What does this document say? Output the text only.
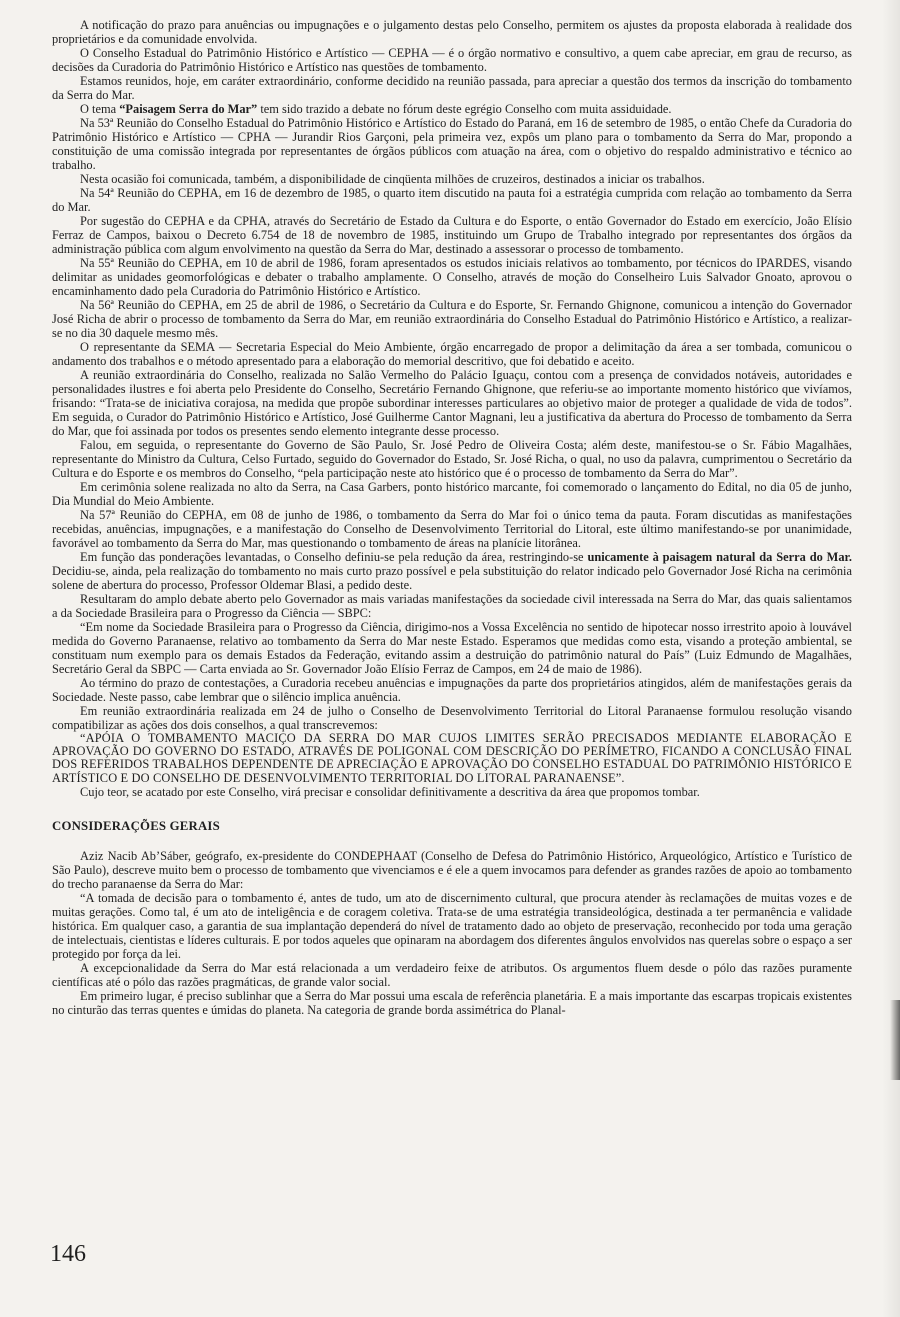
A notificação do prazo para anuências ou impugnações e o julgamento destas pelo Conselho, permitem os ajustes da proposta elaborada à realidade dos proprietários e da comunidade envolvida.

O Conselho Estadual do Patrimônio Histórico e Artístico — CEPHA — é o órgão normativo e consultivo, a quem cabe apreciar, em grau de recurso, as decisões da Curadoria do Patrimônio Histórico e Artístico nas questões de tombamento.

Estamos reunidos, hoje, em caráter extraordinário, conforme decidido na reunião passada, para apreciar a questão dos termos da inscrição do tombamento da Serra do Mar.

O tema “Paisagem Serra do Mar” tem sido trazido a debate no fórum deste egrégio Conselho com muita assiduidade.

Na 53ª Reunião do Conselho Estadual do Patrimônio Histórico e Artístico do Estado do Paraná, em 16 de setembro de 1985, o então Chefe da Curadoria do Patrimônio Histórico e Artístico — CPHA — Jurandir Rios Garçoni, pela primeira vez, expôs um plano para o tombamento da Serra do Mar, propondo a constituição de uma comissão integrada por representantes de órgãos públicos com atuação na área, com o objetivo do respaldo administrativo e técnico ao trabalho.

Nesta ocasião foi comunicada, também, a disponibilidade de cinqüenta milhões de cruzeiros, destinados a iniciar os trabalhos.

Na 54ª Reunião do CEPHA, em 16 de dezembro de 1985, o quarto item discutido na pauta foi a estratégia cumprida com relação ao tombamento da Serra do Mar.

Por sugestão do CEPHA e da CPHA, através do Secretário de Estado da Cultura e do Esporte, o então Governador do Estado em exercício, João Elísio Ferraz de Campos, baixou o Decreto 6.754 de 18 de novembro de 1985, instituindo um Grupo de Trabalho integrado por representantes dos órgãos da administração pública com algum envolvimento na questão da Serra do Mar, destinado a assessorar o processo de tombamento.

Na 55ª Reunião do CEPHA, em 10 de abril de 1986, foram apresentados os estudos iniciais relativos ao tombamento, por técnicos do IPARDES, visando delimitar as unidades geomorfológicas e debater o trabalho amplamente. O Conselho, através de moção do Conselheiro Luis Salvador Gnoato, aprovou o encaminhamento dado pela Curadoria do Patrimônio Histórico e Artístico.

Na 56ª Reunião do CEPHA, em 25 de abril de 1986, o Secretário da Cultura e do Esporte, Sr. Fernando Ghignone, comunicou a intenção do Governador José Richa de abrir o processo de tombamento da Serra do Mar, em reunião extraordinária do Conselho Estadual do Patrimônio Histórico e Artístico, a realizar-se no dia 30 daquele mesmo mês.

O representante da SEMA — Secretaria Especial do Meio Ambiente, órgão encarregado de propor a delimitação da área a ser tombada, comunicou o andamento dos trabalhos e o método apresentado para a elaboração do memorial descritivo, que foi debatido e aceito.

A reunião extraordinária do Conselho, realizada no Salão Vermelho do Palácio Iguaçu, contou com a presença de convidados notáveis, autoridades e personalidades ilustres e foi aberta pelo Presidente do Conselho, Secretário Fernando Ghignone, que referiu-se ao importante momento histórico que vivíamos, frisando: “Trata-se de iniciativa corajosa, na medida que propõe subordinar interesses particulares ao objetivo maior de proteger a qualidade de vida de todos”. Em seguida, o Curador do Patrimônio Histórico e Artístico, José Guilherme Cantor Magnani, leu a justificativa da abertura do Processo de tombamento da Serra do Mar, que foi assinada por todos os presentes sendo elemento integrante desse processo.

Falou, em seguida, o representante do Governo de São Paulo, Sr. José Pedro de Oliveira Costa; além deste, manifestou-se o Sr. Fábio Magalhães, representante do Ministro da Cultura, Celso Furtado, seguido do Governador do Estado, Sr. José Richa, o qual, no uso da palavra, cumprimentou o Secretário da Cultura e do Esporte e os membros do Conselho, “pela participação neste ato histórico que é o processo de tombamento da Serra do Mar”.

Em cerimônia solene realizada no alto da Serra, na Casa Garbers, ponto histórico marcante, foi comemorado o lançamento do Edital, no dia 05 de junho, Dia Mundial do Meio Ambiente.

Na 57ª Reunião do CEPHA, em 08 de junho de 1986, o tombamento da Serra do Mar foi o único tema da pauta. Foram discutidas as manifestações recebidas, anuências, impugnações, e a manifestação do Conselho de Desenvolvimento Territorial do Litoral, este último manifestando-se por unanimidade, favorável ao tombamento da Serra do Mar, mas questionando o tombamento de áreas na planície litorânea.

Em função das ponderações levantadas, o Conselho definiu-se pela redução da área, restringindo-se unicamente à paisagem natural da Serra do Mar. Decidiu-se, ainda, pela realização do tombamento no mais curto prazo possível e pela substituição do relator indicado pelo Governador José Richa na cerimônia solene de abertura do processo, Professor Oldemar Blasi, a pedido deste.

Resultaram do amplo debate aberto pelo Governador as mais variadas manifestações da sociedade civil interessada na Serra do Mar, das quais salientamos a da Sociedade Brasileira para o Progresso da Ciência — SBPC:

“Em nome da Sociedade Brasileira para o Progresso da Ciência, dirigimo-nos a Vossa Excelência no sentido de hipotecar nosso irrestrito apoio à louvável medida do Governo Paranaense, relativo ao tombamento da Serra do Mar neste Estado. Esperamos que medidas como esta, visando a proteção ambiental, se constituam num exemplo para os demais Estados da Federação, evitando assim a destruição do patrimônio natural do País” (Luiz Edmundo de Magalhães, Secretário Geral da SBPC — Carta enviada ao Sr. Governador João Elísio Ferraz de Campos, em 24 de maio de 1986).

Ao término do prazo de contestações, a Curadoria recebeu anuências e impugnações da parte dos proprietários atingidos, além de manifestações gerais da Sociedade. Neste passo, cabe lembrar que o silêncio implica anuência.

Em reunião extraordinária realizada em 24 de julho o Conselho de Desenvolvimento Territorial do Litoral Paranaense formulou resolução visando compatibilizar as ações dos dois conselhos, a qual transcrevemos:

“APÓIA O TOMBAMENTO MACIÇO DA SERRA DO MAR CUJOS LIMITES SERÃO PRECISADOS MEDIANTE ELABORAÇÃO E APROVAÇÃO DO GOVERNO DO ESTADO, ATRAVÉS DE POLIGONAL COM DESCRIÇÃO DO PERÍMETRO, FICANDO A CONCLUSÃO FINAL DOS REFERIDOS TRABALHOS DEPENDENTE DE APRECIAÇÃO E APROVAÇÃO DO CONSELHO ESTADUAL DO PATRIMÔNIO HISTÓRICO E ARTÍSTICO E DO CONSELHO DE DESENVOLVIMENTO TERRITORIAL DO LITORAL PARANAENSE”.

Cujo teor, se acatado por este Conselho, virá precisar e consolidar definitivamente a descritiva da área que propomos tombar.

CONSIDERAÇÕES GERAIS

Aziz Nacib Ab’Sáber, geógrafo, ex-presidente do CONDEPHAAT (Conselho de Defesa do Patrimônio Histórico, Arqueológico, Artístico e Turístico de São Paulo), descreve muito bem o processo de tombamento que vivenciamos e é ele a quem invocamos para defender as grandes razões de apoio ao tombamento do trecho paranaense da Serra do Mar:

“A tomada de decisão para o tombamento é, antes de tudo, um ato de discernimento cultural, que procura atender às reclamações de muitas vozes e de muitas gerações. Como tal, é um ato de inteligência e de coragem coletiva. Trata-se de uma estratégia transideológica, destinada a ter permanência e validade histórica. Em qualquer caso, a garantia de sua implantação dependerá do nível de tratamento dado ao objeto de preservação, reconhecido por toda uma geração de intelectuais, cientistas e líderes culturais. E por todos aqueles que opinaram na abordagem dos diferentes ângulos envolvidos nas querelas sobre o espaço a ser protegido por força da lei.

A excepcionalidade da Serra do Mar está relacionada a um verdadeiro feixe de atributos. Os argumentos fluem desde o pólo das razões puramente científicas até o pólo das razões pragmáticas, de grande valor social.

Em primeiro lugar, é preciso sublinhar que a Serra do Mar possui uma escala de referência planetária. E a mais importante das escarpas tropicais existentes no cinturão das terras quentes e úmidas do planeta. Na categoria de grande borda assimétrica do Planal-

146
